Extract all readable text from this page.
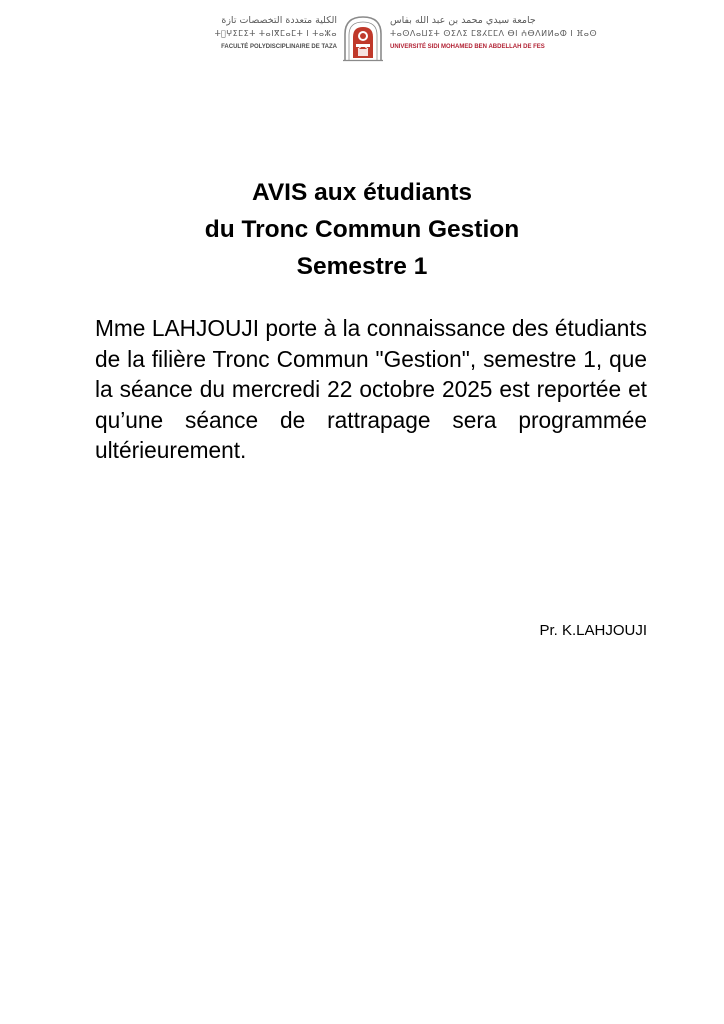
الكلية متعددة التخصصات تازة
ⵜ⵿ⵖⵉⵎⵉⵜ ⵜⴰⵏⴳⵎⴰⵎⵜ ⵏ ⵜⴰⵣⴰ
FACULTÉ POLYDISCIPLINAIRE DE TAZA
جامعة سيدي محمد بن عبد الله بفاس
ⵜⴰⵙⴷⴰⵡⵉⵜ ⵙⵉⴷⵉ ⵎⵓⵃⵎⵎⴷ ⴱⵏ ⵄⴱⴷⵍⵍⴰⵀ ⵏ ⴼⴰⵙ
UNIVERSITÉ SIDI MOHAMED BEN ABDELLAH DE FES
AVIS aux étudiants
du Tronc Commun Gestion
Semestre 1

Mme LAHJOUJI porte à la connaissance des étudiants de la filière Tronc Commun "Gestion", semestre 1, que la séance du mercredi 22 octobre 2025 est reportée et qu’une séance de rattrapage sera programmée ultérieurement.

Pr. K.LAHJOUJI
